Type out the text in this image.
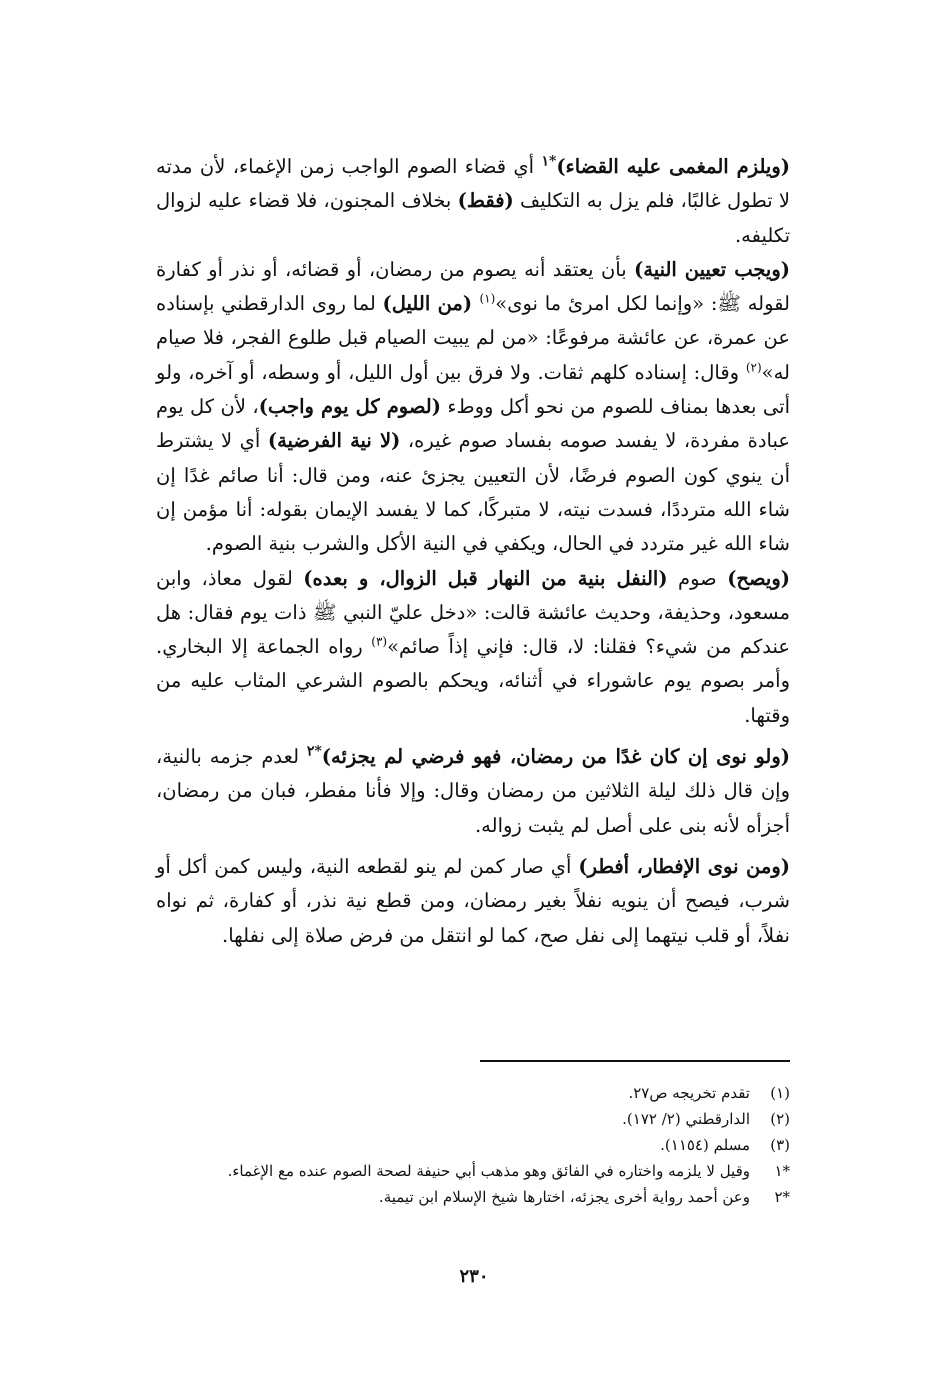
(ويلزم المغمى عليه القضاء)$^{*١}$ أي قضاء الصوم الواجب زمن الإغماء، لأن مدته لا تطول غالبًا، فلم يزل به التكليف (فقط) بخلاف المجنون، فلا قضاء عليه لزوال تكليفه.

(ويجب تعيين النية) بأن يعتقد أنه يصوم من رمضان، أو قضائه، أو نذر أو كفارة لقوله ﷺ: «وإنما لكل امرئ ما نوى»$^{(١)}$ (من الليل) لما روى الدارقطني بإسناده عن عمرة، عن عائشة مرفوعًا: «من لم يبيت الصيام قبل طلوع الفجر، فلا صيام له»$^{(٢)}$ وقال: إسناده كلهم ثقات. ولا فرق بين أول الليل، أو وسطه، أو آخره، ولو أتى بعدها بمناف للصوم من نحو أكل ووطء (لصوم كل يوم واجب)، لأن كل يوم عبادة مفردة، لا يفسد صومه بفساد صوم غيره، (لا نية الفرضية) أي لا يشترط أن ينوي كون الصوم فرضًا، لأن التعيين يجزئ عنه، ومن قال: أنا صائم غدًا إن شاء الله مترددًا، فسدت نيته، لا متبركًا، كما لا يفسد الإيمان بقوله: أنا مؤمن إن شاء الله غير متردد في الحال، ويكفي في النية الأكل والشرب بنية الصوم.

(ويصح) صوم (النفل بنية من النهار قبل الزوال، و بعده) لقول معاذ، وابن مسعود، وحذيفة، وحديث عائشة قالت: «دخل عليّ النبي ﷺ ذات يوم فقال: هل عندكم من شيء؟ فقلنا: لا، قال: فإني إذاً صائم»$^{(٣)}$ رواه الجماعة إلا البخاري. وأمر بصوم يوم عاشوراء في أثنائه، ويحكم بالصوم الشرعي المثاب عليه من وقتها.

(ولو نوى إن كان غدًا من رمضان، فهو فرضي لم يجزئه)$^{*٢}$ لعدم جزمه بالنية، وإن قال ذلك ليلة الثلاثين من رمضان وقال: وإلا فأنا مفطر، فبان من رمضان، أجزأه لأنه بنى على أصل لم يثبت زواله.

(ومن نوى الإفطار، أفطر) أي صار كمن لم ينو لقطعه النية، وليس كمن أكل أو شرب، فيصح أن ينويه نفلاً بغير رمضان، ومن قطع نية نذر، أو كفارة، ثم نواه نفلاً، أو قلب نيتهما إلى نفل صح، كما لو انتقل من فرض صلاة إلى نفلها.

(١)
تقدم تخريجه ص٢٧.
(٢)
الدارقطني (٢/ ١٧٢).
(٣)
مسلم (١١٥٤).
*١
وقيل لا يلزمه واختاره في الفائق وهو مذهب أبي حنيفة لصحة الصوم عنده مع الإغماء.
*٢
وعن أحمد رواية أخرى يجزئه، اختارها شيخ الإسلام ابن تيمية.
٢٣٠
